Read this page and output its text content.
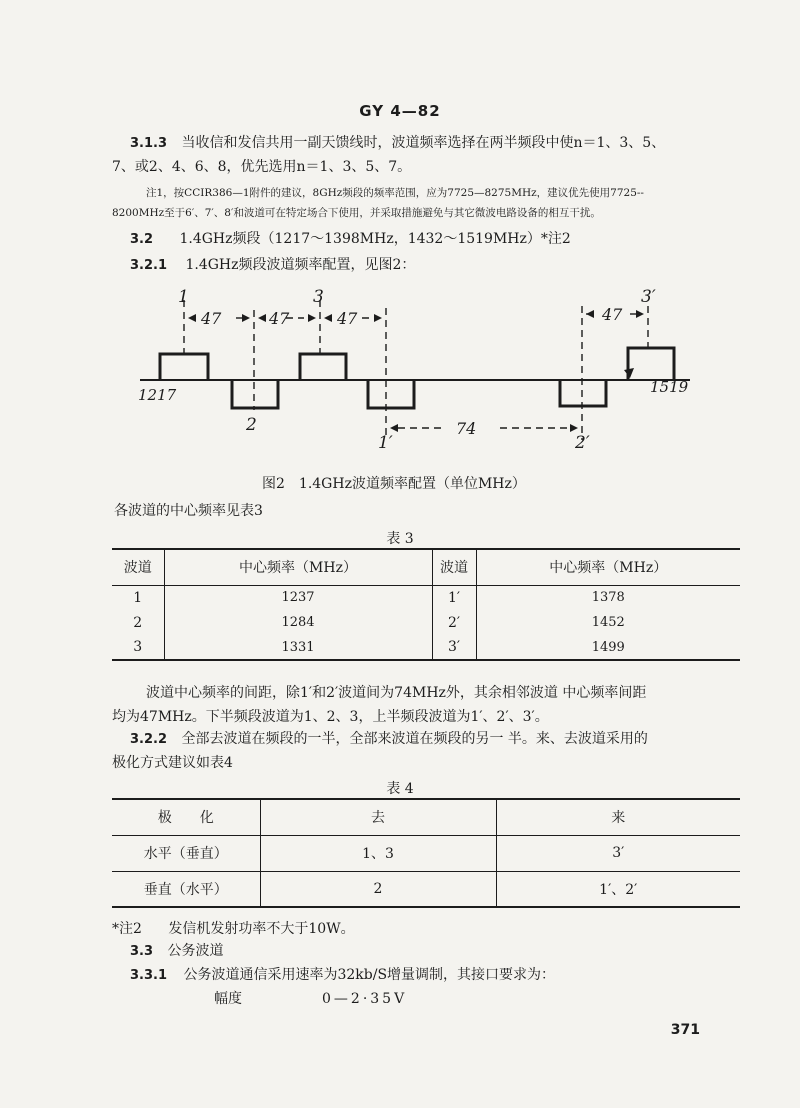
GY 4—82
3.1.3 当收信和发信共用一副天馈线时，波道频率选择在两半频段中使n＝1、3、5、
7、或2、4、6、8，优先选用n＝1、3、5、7。
注1，按CCIR386—1附件的建议，8GHz频段的频率范围，应为7725—8275MHz，建议优先使用7725--
8200MHz至于6′、7′、8′和波道可在特定场合下使用，并采取措施避免与其它微波电路设备的相互干扰。
3.2 1.4GHz频段（1217～1398MHz，1432～1519MHz）*注2
3.2.1 1.4GHz频段波道频率配置，见图2：
1	3	3′
2
1′	2′
47	47	47	47
74
1217	1519
图2　1.4GHz波道频率配置（单位MHz）
各波道的中心频率见表3
表 3
波道	中心频率（MHz）	波道	中心频率（MHz）
1	1237	1′	1378
2	1284	2′	1452
3	1331	3′	1499
波道中心频率的间距，除1′和2′波道间为74MHz外，其余相邻波道 中心频率间距
均为47MHz。下半频段波道为1、2、3，上半频段波道为1′、2′、3′。
3.2.2 全部去波道在频段的一半，全部来波道在频段的另一 半。来、去波道采用的
极化方式建议如表4
表 4
极　　化	去	来
水平（垂直）	1、3	3′
垂直（水平）	2	1′、2′
*注2 发信机发射功率不大于10W。
3.3 公务波道
3.3.1 公务波道通信采用速率为32kb/S增量调制，其接口要求为：
幅度	0—2·35V
371
